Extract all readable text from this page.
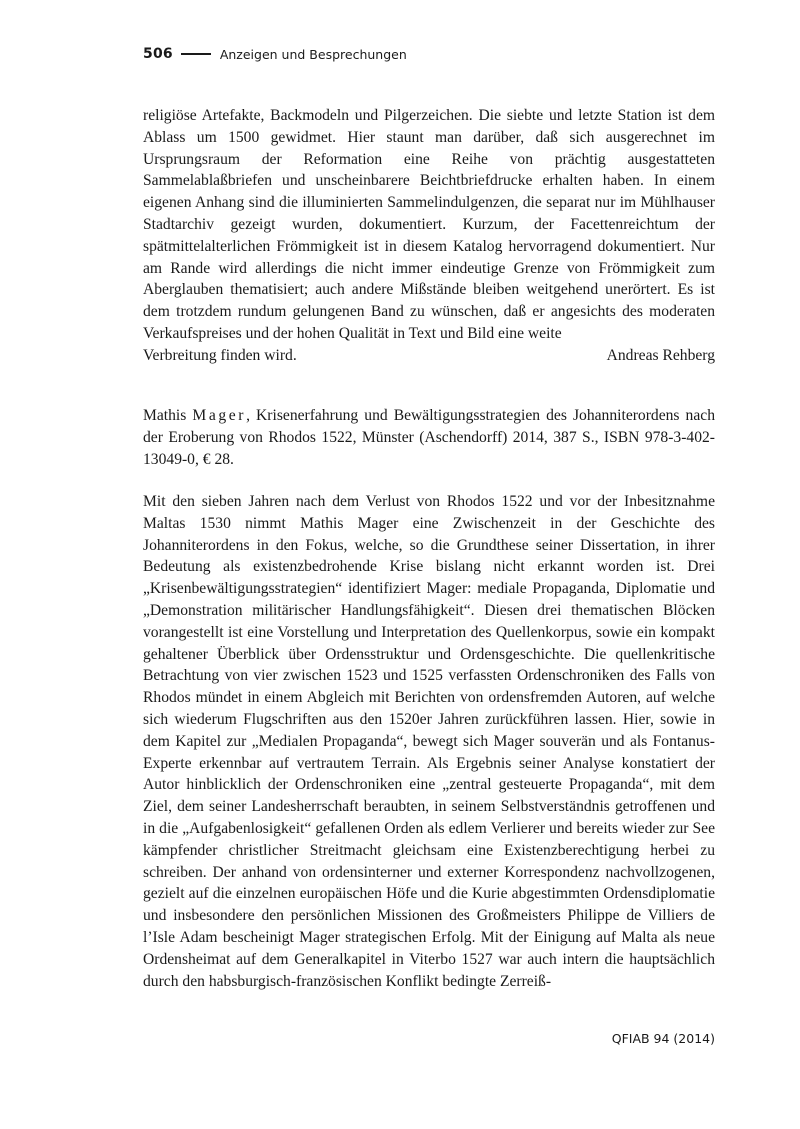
506	Anzeigen und Besprechungen

religiöse Artefakte, Backmodeln und Pilgerzeichen. Die siebte und letzte Station ist dem Ablass um 1500 gewidmet. Hier staunt man darüber, daß sich ausgerechnet im Ursprungsraum der Reformation eine Reihe von prächtig ausgestatteten Sammelablaßbriefen und unscheinbarere Beichtbriefdrucke erhalten haben. In einem eigenen Anhang sind die illuminierten Sammelindulgenzen, die separat nur im Mühlhauser Stadtarchiv gezeigt wurden, dokumentiert. Kurzum, der Facettenreichtum der spätmittelalterlichen Frömmigkeit ist in diesem Katalog hervorragend dokumentiert. Nur am Rande wird allerdings die nicht immer eindeutige Grenze von Frömmigkeit zum Aberglauben thematisiert; auch andere Mißstände bleiben weitgehend unerörtert. Es ist dem trotzdem rundum gelungenen Band zu wünschen, daß er angesichts des moderaten Verkaufspreises und der hohen Qualität in Text und Bild eine weite

Verbreitung finden wird.	Andreas Rehberg

Mathis Mager, Krisenerfahrung und Bewältigungsstrategien des Johanniterordens nach der Eroberung von Rhodos 1522, Münster (Aschendorff) 2014, 387 S., ISBN 978-3-402-13049-0, € 28.

Mit den sieben Jahren nach dem Verlust von Rhodos 1522 und vor der Inbesitznahme Maltas 1530 nimmt Mathis Mager eine Zwischenzeit in der Geschichte des Johanniterordens in den Fokus, welche, so die Grundthese seiner Dissertation, in ihrer Bedeutung als existenzbedrohende Krise bislang nicht erkannt worden ist. Drei „Krisenbewältigungsstrategien“ identifiziert Mager: mediale Propaganda, Diplomatie und „Demonstration militärischer Handlungsfähigkeit“. Diesen drei thematischen Blöcken vorangestellt ist eine Vorstellung und Interpretation des Quellenkorpus, sowie ein kompakt gehaltener Überblick über Ordensstruktur und Ordensgeschichte. Die quellenkritische Betrachtung von vier zwischen 1523 und 1525 verfassten Ordenschroniken des Falls von Rhodos mündet in einem Abgleich mit Berichten von ordensfremden Autoren, auf welche sich wiederum Flugschriften aus den 1520er Jahren zurückführen lassen. Hier, sowie in dem Kapitel zur „Medialen Propaganda“, bewegt sich Mager souverän und als Fontanus-Experte erkennbar auf vertrautem Terrain. Als Ergebnis seiner Analyse konstatiert der Autor hinblicklich der Ordenschroniken eine „zentral gesteuerte Propaganda“, mit dem Ziel, dem seiner Landesherrschaft beraubten, in seinem Selbstverständnis getroffenen und in die „Aufgabenlosigkeit“ gefallenen Orden als edlem Verlierer und bereits wieder zur See kämpfender christlicher Streitmacht gleichsam eine Existenzberechtigung herbei zu schreiben. Der anhand von ordensinterner und externer Korrespondenz nachvollzogenen, gezielt auf die einzelnen europäischen Höfe und die Kurie abgestimmten Ordensdiplomatie und insbesondere den persönlichen Missionen des Großmeisters Philippe de Villiers de l’Isle Adam bescheinigt Mager strategischen Erfolg. Mit der Einigung auf Malta als neue Ordensheimat auf dem Generalkapitel in Viterbo 1527 war auch intern die hauptsächlich durch den habsburgisch-französischen Konflikt bedingte Zerreiß-

QFIAB 94 (2014)
